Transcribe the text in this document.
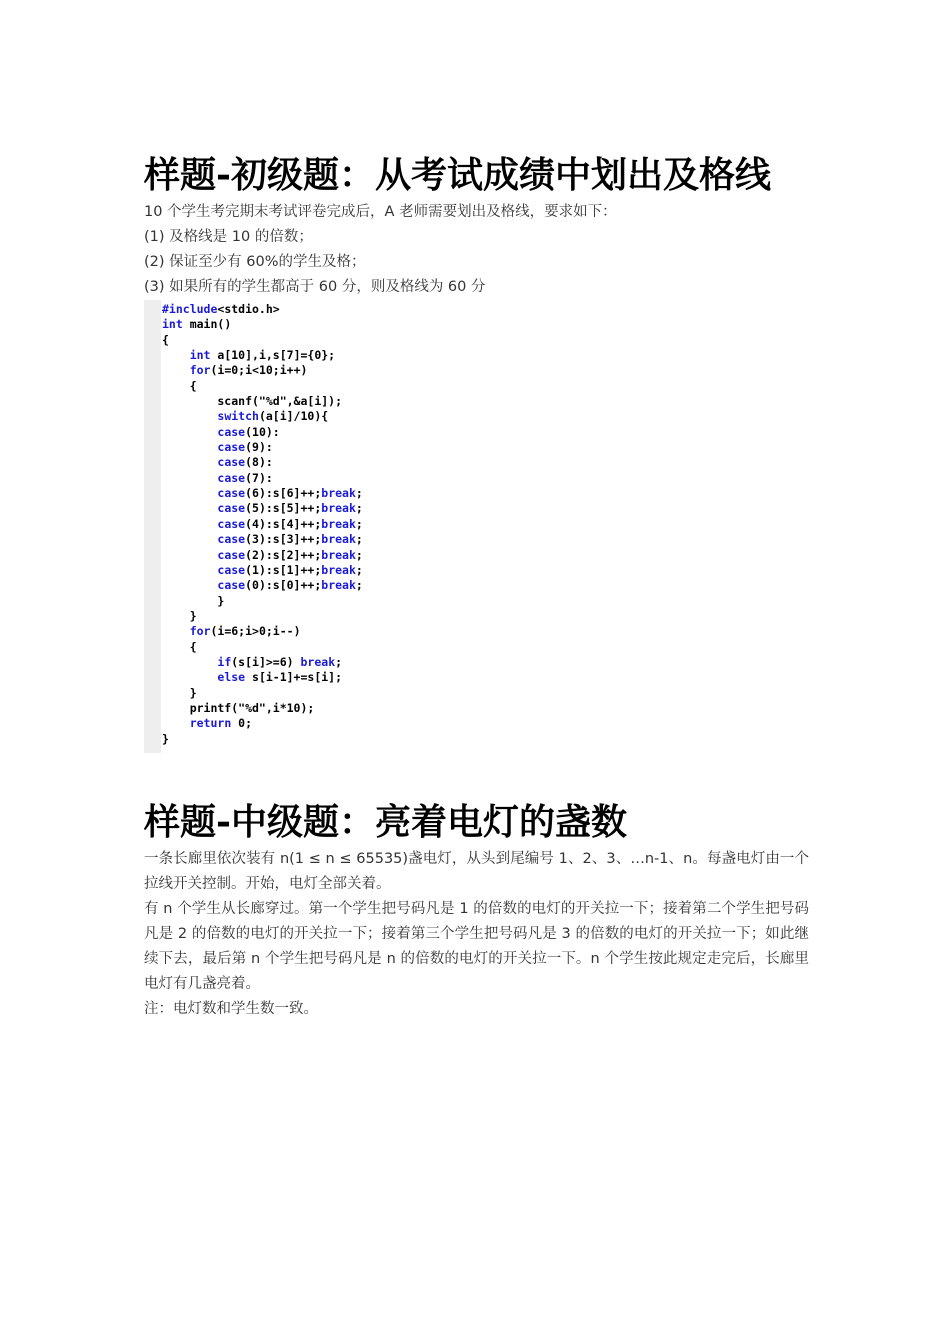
样题-初级题：从考试成绩中划出及格线

10 个学生考完期末考试评卷完成后，A 老师需要划出及格线，要求如下：

(1) 及格线是 10 的倍数；

(2) 保证至少有 60%的学生及格；

(3) 如果所有的学生都高于 60 分，则及格线为 60 分

#include<stdio.h>
int main()
{
int a[10],i,s[7]={0};
for(i=0;i<10;i++)
{
scanf("%d",&a[i]);
switch(a[i]/10){
case(10):
case(9):
case(8):
case(7):
case(6):s[6]++;break;
case(5):s[5]++;break;
case(4):s[4]++;break;
case(3):s[3]++;break;
case(2):s[2]++;break;
case(1):s[1]++;break;
case(0):s[0]++;break;
}
}
for(i=6;i>0;i--)
{
if(s[i]>=6) break;
else s[i-1]+=s[i];
}
printf("%d",i*10);
return 0;
}
样题-中级题：亮着电灯的盏数

一条长廊里依次装有 n(1 ≤ n ≤ 65535)盏电灯，从头到尾编号 1、2、3、…n-1、n。每盏电灯由一个拉线开关控制。开始，电灯全部关着。

有 n 个学生从长廊穿过。第一个学生把号码凡是 1 的倍数的电灯的开关拉一下；接着第二个学生把号码凡是 2 的倍数的电灯的开关拉一下；接着第三个学生把号码凡是 3 的倍数的电灯的开关拉一下；如此继续下去，最后第 n 个学生把号码凡是 n 的倍数的电灯的开关拉一下。n 个学生按此规定走完后，长廊里电灯有几盏亮着。

注：电灯数和学生数一致。
